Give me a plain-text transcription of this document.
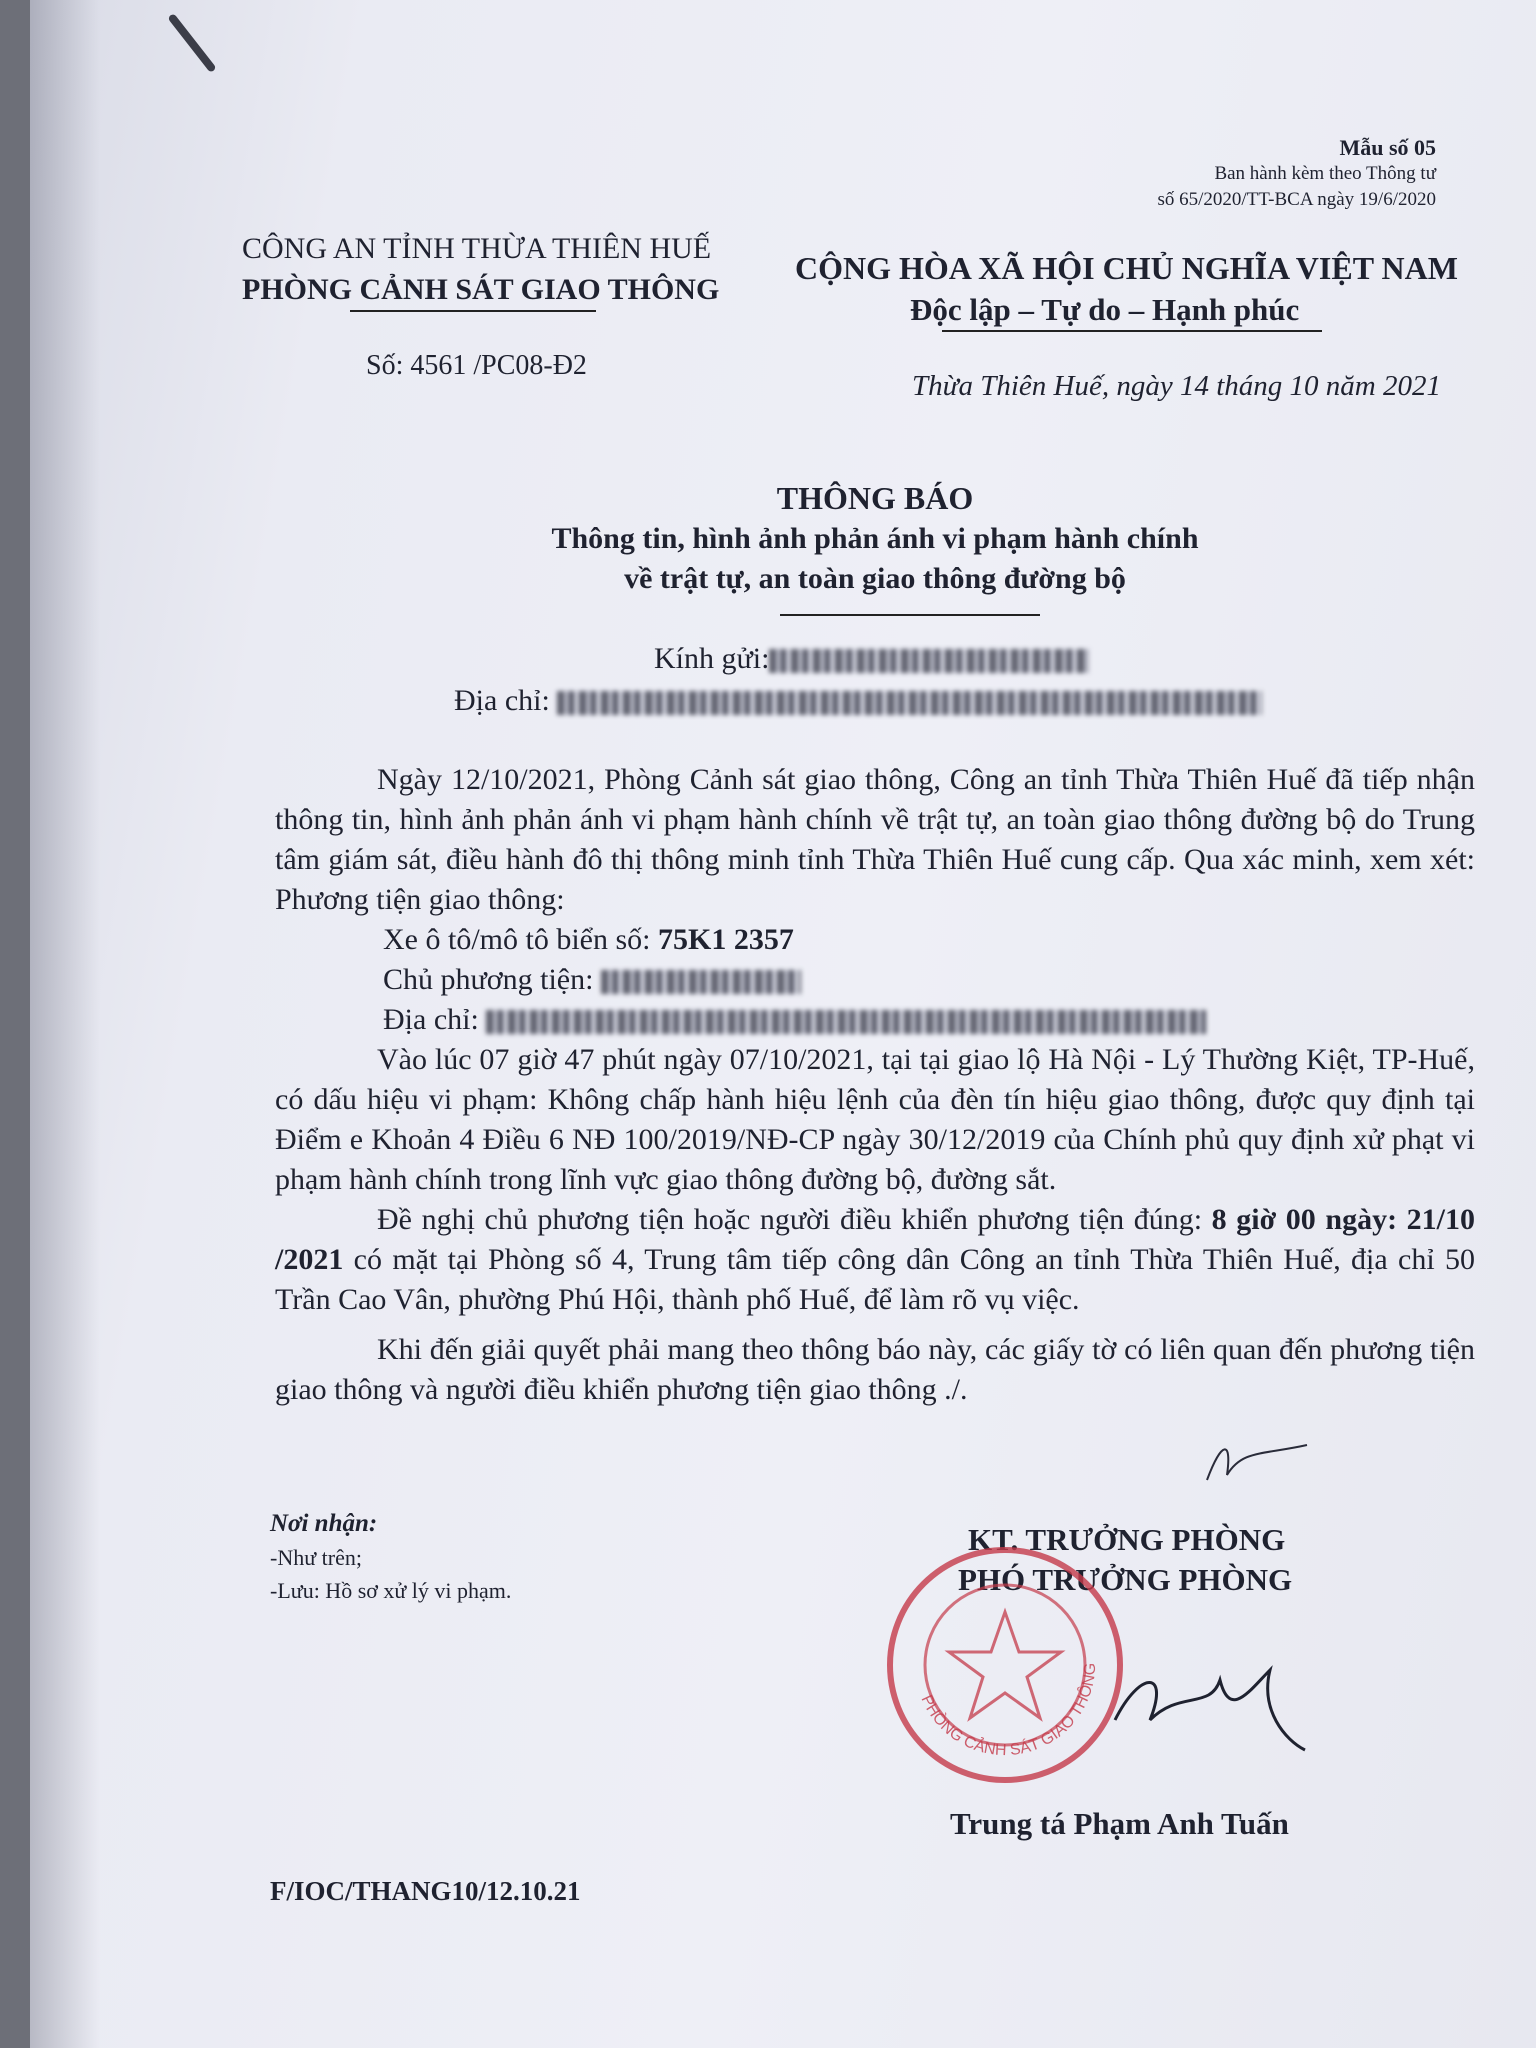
Mẫu số 05
Ban hành kèm theo Thông tư
số 65/2020/TT-BCA ngày 19/6/2020
CÔNG AN TỈNH THỪA THIÊN HUẾ
PHÒNG CẢNH SÁT GIAO THÔNG
Số: 4561 /PC08-Đ2
CỘNG HÒA XÃ HỘI CHỦ NGHĨA VIỆT NAM
Độc lập – Tự do – Hạnh phúc
Thừa Thiên Huế, ngày 14 tháng 10 năm 2021
THÔNG BÁO
Thông tin, hình ảnh phản ánh vi phạm hành chính
về trật tự, an toàn giao thông đường bộ
Kính gửi:
Địa chỉ:

Ngày 12/10/2021, Phòng Cảnh sát giao thông, Công an tỉnh Thừa Thiên Huế đã tiếp nhận thông tin, hình ảnh phản ánh vi phạm hành chính về trật tự, an toàn giao thông đường bộ do Trung tâm giám sát, điều hành đô thị thông minh tỉnh Thừa Thiên Huế cung cấp. Qua xác minh, xem xét: Phương tiện giao thông:

Xe ô tô/mô tô biển số: 75K1 2357

Chủ phương tiện:

Địa chỉ:

Vào lúc 07 giờ 47 phút ngày 07/10/2021, tại tại giao lộ Hà Nội - Lý Thường Kiệt, TP-Huế, có dấu hiệu vi phạm: Không chấp hành hiệu lệnh của đèn tín hiệu giao thông, được quy định tại Điểm e Khoản 4 Điều 6 NĐ 100/2019/NĐ-CP ngày 30/12/2019 của Chính phủ quy định xử phạt vi phạm hành chính trong lĩnh vực giao thông đường bộ, đường sắt.

Đề nghị chủ phương tiện hoặc người điều khiển phương tiện đúng: 8 giờ 00 ngày: 21/10 /2021 có mặt tại Phòng số 4, Trung tâm tiếp công dân Công an tỉnh Thừa Thiên Huế, địa chỉ 50 Trần Cao Vân, phường Phú Hội, thành phố Huế, để làm rõ vụ việc.

Khi đến giải quyết phải mang theo thông báo này, các giấy tờ có liên quan đến phương tiện giao thông và người điều khiển phương tiện giao thông ./.

Nơi nhận:
-Như trên;
-Lưu: Hồ sơ xử lý vi phạm.
KT. TRƯỞNG PHÒNG
PHÓ TRƯỞNG PHÒNG
PHÒNG CẢNH SÁT GIAO THÔNG
Trung tá Phạm Anh Tuấn
F/IOC/THANG10/12.10.21
